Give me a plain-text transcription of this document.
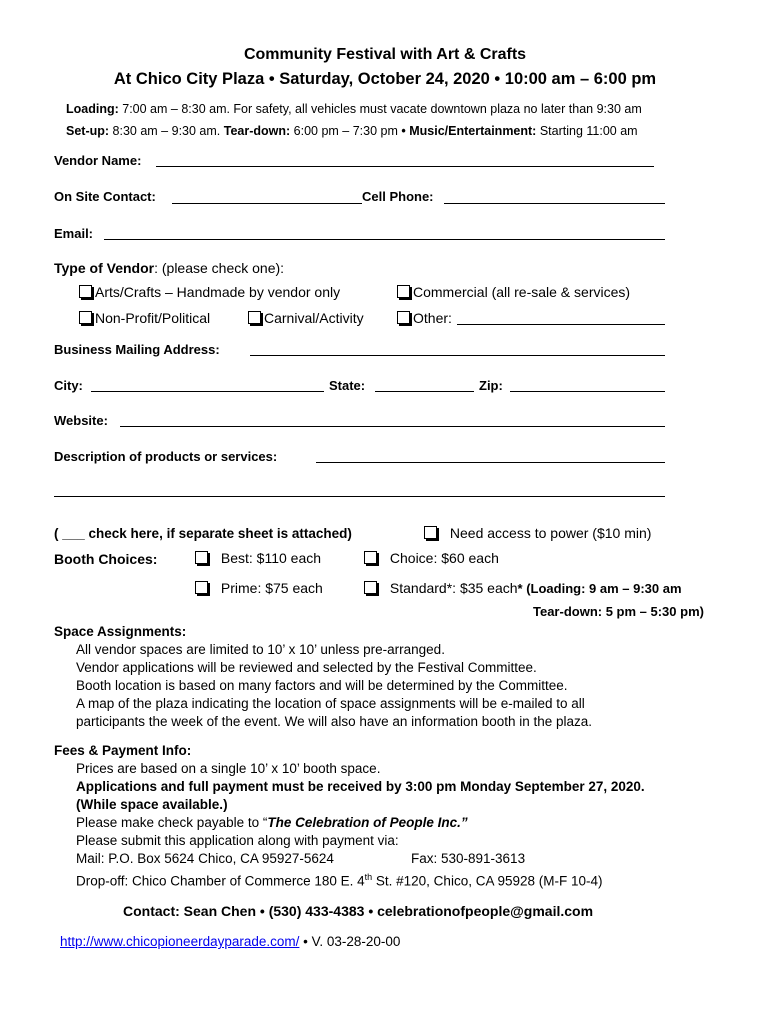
Community Festival with Art & Crafts
At Chico City Plaza • Saturday, October 24, 2020 • 10:00 am – 6:00 pm
Loading: 7:00 am – 8:30 am. For safety, all vehicles must vacate downtown plaza no later than 9:30 am
Set-up: 8:30 am – 9:30 am. Tear-down: 6:00 pm – 7:30 pm • Music/Entertainment: Starting 11:00 am
Vendor Name:
On Site Contact:	Cell Phone:
Email:
Type of Vendor: (please check one):
Arts/Crafts – Handmade by vendor only	Commercial (all re-sale & services)
Non-Profit/Political	Carnival/Activity	Other:
Business Mailing Address:
City:	State:	Zip:
Website:
Description of products or services:
( ___ check here, if separate sheet is attached)	Need access to power ($10 min)
Booth Choices:	Best: $110 each	Choice: $60 each
Prime: $75 each	Standard*: $35 each* (Loading: 9 am – 9:30 am
Tear-down: 5 pm – 5:30 pm)
Space Assignments:
All vendor spaces are limited to 10’ x 10’ unless pre-arranged.
Vendor applications will be reviewed and selected by the Festival Committee.
Booth location is based on many factors and will be determined by the Committee.
A map of the plaza indicating the location of space assignments will be e-mailed to all
participants the week of the event. We will also have an information booth in the plaza.
Fees & Payment Info:
Prices are based on a single 10’ x 10’ booth space.
Applications and full payment must be received by 3:00 pm Monday September 27, 2020.
(While space available.)
Please make check payable to “The Celebration of People Inc.”
Please submit this application along with payment via:
Mail: P.O. Box 5624 Chico, CA 95927-5624	Fax: 530-891-3613
Drop-off: Chico Chamber of Commerce 180 E. 4th St. #120, Chico, CA 95928 (M-F 10-4)
Contact: Sean Chen • (530) 433-4383 • celebrationofpeople@gmail.com
http://www.chicopioneerdayparade.com/ • V. 03-28-20-00
